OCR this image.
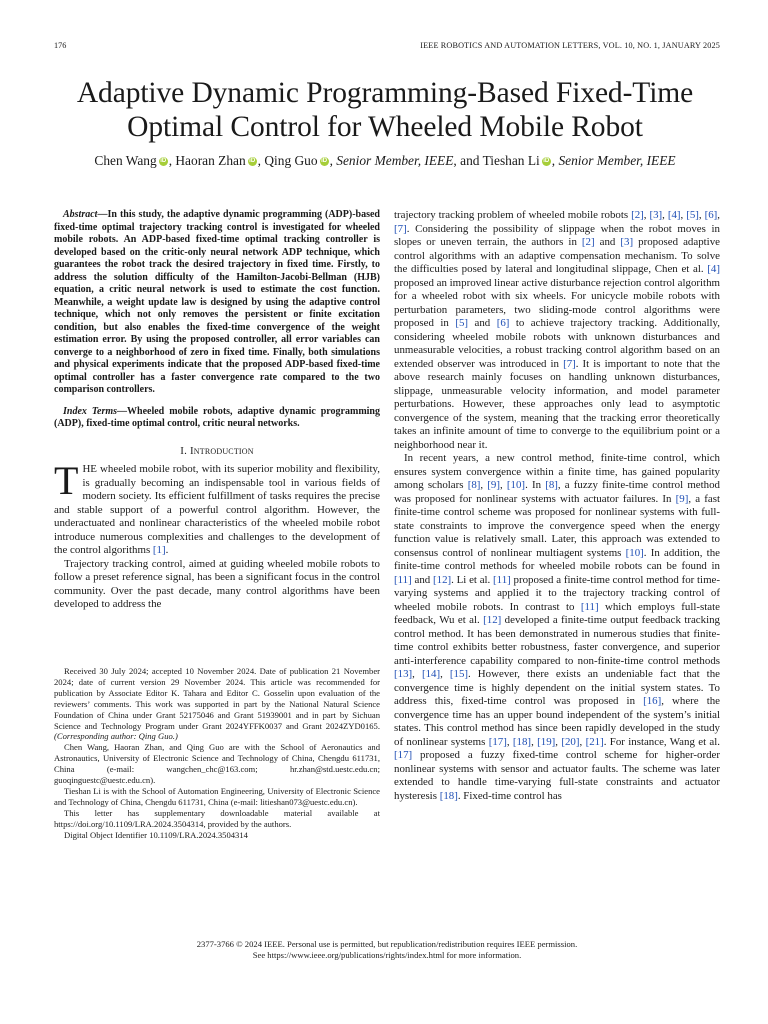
176	IEEE ROBOTICS AND AUTOMATION LETTERS, VOL. 10, NO. 1, JANUARY 2025
Adaptive Dynamic Programming-Based Fixed-Time
Optimal Control for Wheeled Mobile Robot
Chen Wang iD , Haoran Zhan iD , Qing Guo iD , Senior Member, IEEE, and Tieshan Li iD , Senior Member, IEEE

Abstract—In this study, the adaptive dynamic programming (ADP)-based fixed-time optimal trajectory tracking control is investigated for wheeled mobile robots. An ADP-based fixed-time optimal tracking controller is developed based on the critic-only neural network ADP technique, which guarantees the robot track the desired trajectory in fixed time. Firstly, to address the solution difficulty of the Hamilton-Jacobi-Bellman (HJB) equation, a critic neural network is used to estimate the cost function. Meanwhile, a weight update law is designed by using the adaptive control technique, which not only removes the persistent or finite excitation condition, but also enables the fixed-time convergence of the weight estimation error. By using the proposed controller, all error variables can converge to a neighborhood of zero in fixed time. Finally, both simulations and physical experiments indicate that the proposed ADP-based fixed-time optimal controller has a faster convergence rate compared to the two comparison controllers.

Index Terms—Wheeled mobile robots, adaptive dynamic programming (ADP), fixed-time optimal control, critic neural networks.

I. Introduction

THE wheeled mobile robot, with its superior mobility and flexibility, is gradually becoming an indispensable tool in various fields of modern society. Its efficient fulfillment of tasks requires the precise and stable support of a powerful control algorithm. However, the underactuated and nonlinear characteristics of the wheeled mobile robot introduce numerous complexities and challenges to the development of the control algorithms [1].

Trajectory tracking control, aimed at guiding wheeled mobile robots to follow a preset reference signal, has been a significant focus in the control community. Over the past decade, many control algorithms have been developed to address the

Received 30 July 2024; accepted 10 November 2024. Date of publication 21 November 2024; date of current version 29 November 2024. This article was recommended for publication by Associate Editor K. Tahara and Editor C. Gosselin upon evaluation of the reviewers’ comments. This work was supported in part by the National Natural Science Foundation of China under Grant 52175046 and Grant 51939001 and in part by Sichuan Science and Technology Program under Grant 2024YFFK0037 and Grant 2024ZYD0165. (Corresponding author: Qing Guo.)

Chen Wang, Haoran Zhan, and Qing Guo are with the School of Aeronautics and Astronautics, University of Electronic Science and Technology of China, Chengdu 611731, China (e-mail: wangchen_chc@163.com; hr.zhan@std.uestc.edu.cn; guoqinguestc@uestc.edu.cn).

Tieshan Li is with the School of Automation Engineering, University of Electronic Science and Technology of China, Chengdu 611731, China (e-mail: litieshan073@uestc.edu.cn).

This letter has supplementary downloadable material available at https://doi.org/10.1109/LRA.2024.3504314, provided by the authors.

Digital Object Identifier 10.1109/LRA.2024.3504314

trajectory tracking problem of wheeled mobile robots [2], [3], [4], [5], [6], [7]. Considering the possibility of slippage when the robot moves in slopes or uneven terrain, the authors in [2] and [3] proposed adaptive control algorithms with an adaptive compensation mechanism. To solve the difficulties posed by lateral and longitudinal slippage, Chen et al. [4] proposed an improved linear active disturbance rejection control algorithm for a wheeled robot with six wheels. For unicycle mobile robots with perturbation parameters, two sliding-mode control algorithms were proposed in [5] and [6] to achieve trajectory tracking. Additionally, considering wheeled mobile robots with unknown disturbances and unmeasurable velocities, a robust tracking control algorithm based on an extended observer was introduced in [7]. It is important to note that the above research mainly focuses on handling unknown disturbances, slippage, unmeasurable velocity information, and model parameter perturbations. However, these approaches only lead to asymptotic convergence of the system, meaning that the tracking error theoretically takes an infinite amount of time to converge to the equilibrium point or a neighborhood near it.

In recent years, a new control method, finite-time control, which ensures system convergence within a finite time, has gained popularity among scholars [8], [9], [10]. In [8], a fuzzy finite-time control method was proposed for nonlinear systems with actuator failures. In [9], a fast finite-time control scheme was proposed for nonlinear systems with full-state constraints to improve the convergence speed when the energy function value is relatively small. Later, this approach was extended to consensus control of nonlinear multiagent systems [10]. In addition, the finite-time control methods for wheeled mobile robots can be found in [11] and [12]. Li et al. [11] proposed a finite-time control method for time-varying systems and applied it to the trajectory tracking control of wheeled mobile robots. In contrast to [11] which employs full-state feedback, Wu et al. [12] developed a finite-time output feedback tracking control method. It has been demonstrated in numerous studies that finite-time control exhibits better robustness, faster convergence, and superior anti-interference capability compared to non-finite-time control methods [13], [14], [15]. However, there exists an undeniable fact that the convergence time is highly dependent on the initial system states. To address this, fixed-time control was proposed in [16], where the convergence time has an upper bound independent of the system’s initial states. This control method has since been rapidly developed in the study of nonlinear systems [17], [18], [19], [20], [21]. For instance, Wang et al. [17] proposed a fuzzy fixed-time control scheme for higher-order nonlinear systems with sensor and actuator faults. The scheme was later extended to handle time-varying full-state constraints and actuator hysteresis [18]. Fixed-time control has

2377-3766 © 2024 IEEE. Personal use is permitted, but republication/redistribution requires IEEE permission.
See https://www.ieee.org/publications/rights/index.html for more information.
